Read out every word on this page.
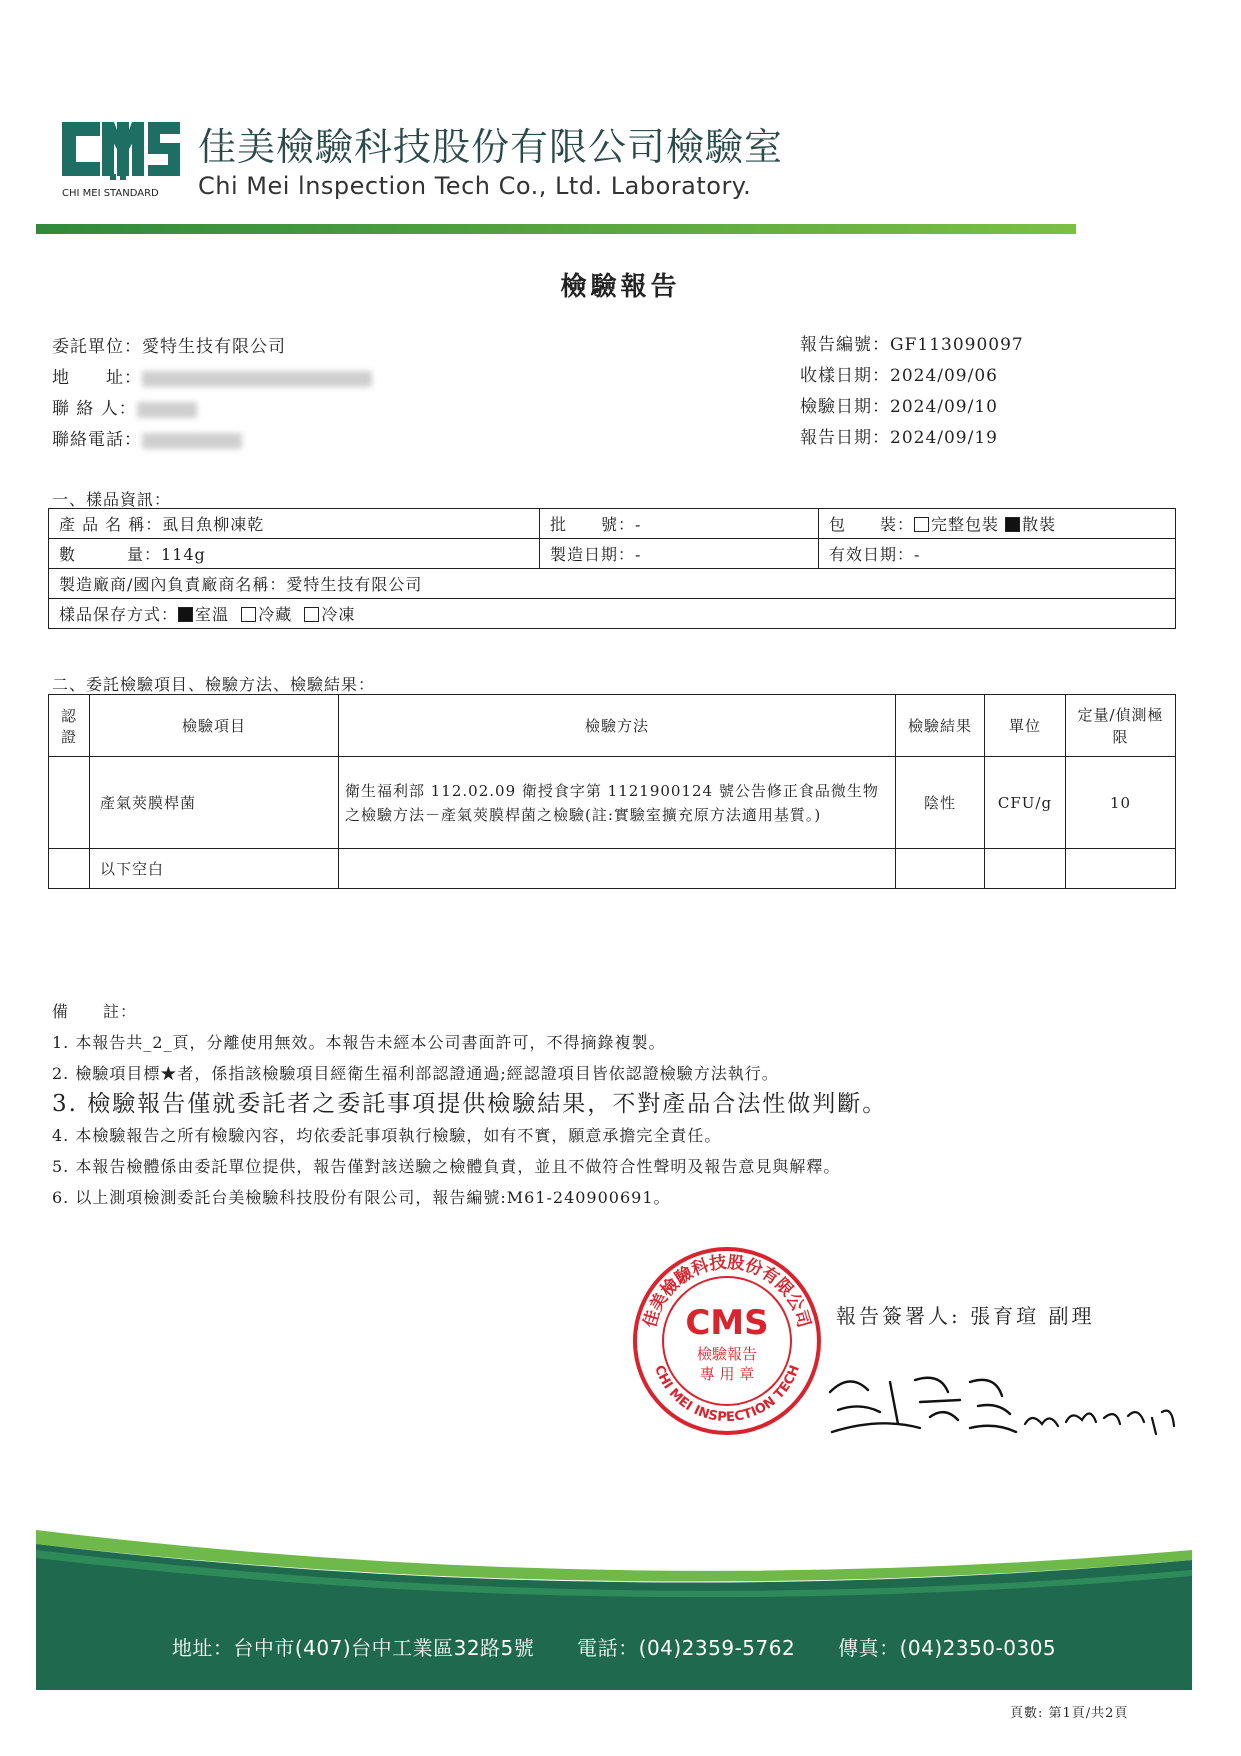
CHI MEI STANDARD
佳美檢驗科技股份有限公司檢驗室
Chi Mei lnspection Tech Co., Ltd. Laboratory.
檢驗報告
委託單位：愛特生技有限公司
地　　址：
聯 絡 人：
聯絡電話：
報告編號：GF113090097
收樣日期：2024/09/06
檢驗日期：2024/09/10
報告日期：2024/09/19
一、樣品資訊：
產 品 名 稱：虱目魚柳凍乾	批　　號：-	包　　裝： 完整包裝 散裝
數　　　量：114g	製造日期：-	有效日期：-
製造廠商/國內負責廠商名稱：愛特生技有限公司		
樣品保存方式： 室溫 冷藏 冷凍		
二、委託檢驗項目、檢驗方法、檢驗結果：
認證	檢驗項目	檢驗方法	檢驗結果	單位	定量/偵測極限
	產氣莢膜桿菌	衛生福利部 112.02.09 衛授食字第 1121900124 號公告修正食品微生物之檢驗方法－產氣莢膜桿菌之檢驗(註:實驗室擴充原方法適用基質。)	陰性	CFU/g	10
	以下空白				
備　　註：
1. 本報告共_2_頁，分離使用無效。本報告未經本公司書面許可，不得摘錄複製。
2. 檢驗項目標★者，係指該檢驗項目經衛生福利部認證通過;經認證項目皆依認證檢驗方法執行。
3. 檢驗報告僅就委託者之委託事項提供檢驗結果，不對產品合法性做判斷。
4. 本檢驗報告之所有檢驗內容，均依委託事項執行檢驗，如有不實，願意承擔完全責任。
5. 本報告檢體係由委託單位提供，報告僅對該送驗之檢體負責，並且不做符合性聲明及報告意見與解釋。
6. 以上測項檢測委託台美檢驗科技股份有限公司，報告編號:M61-240900691。
佳美檢驗科技股份有限公司
CHI MEI INSPECTION TECH
CMS
檢驗報告
專 用 章
報告簽署人: 張育瑄 副理
地址：台中市(407)台中工業區32路5號 電話：(04)2359-5762 傳真：(04)2350-0305
頁數: 第1頁/共2頁
